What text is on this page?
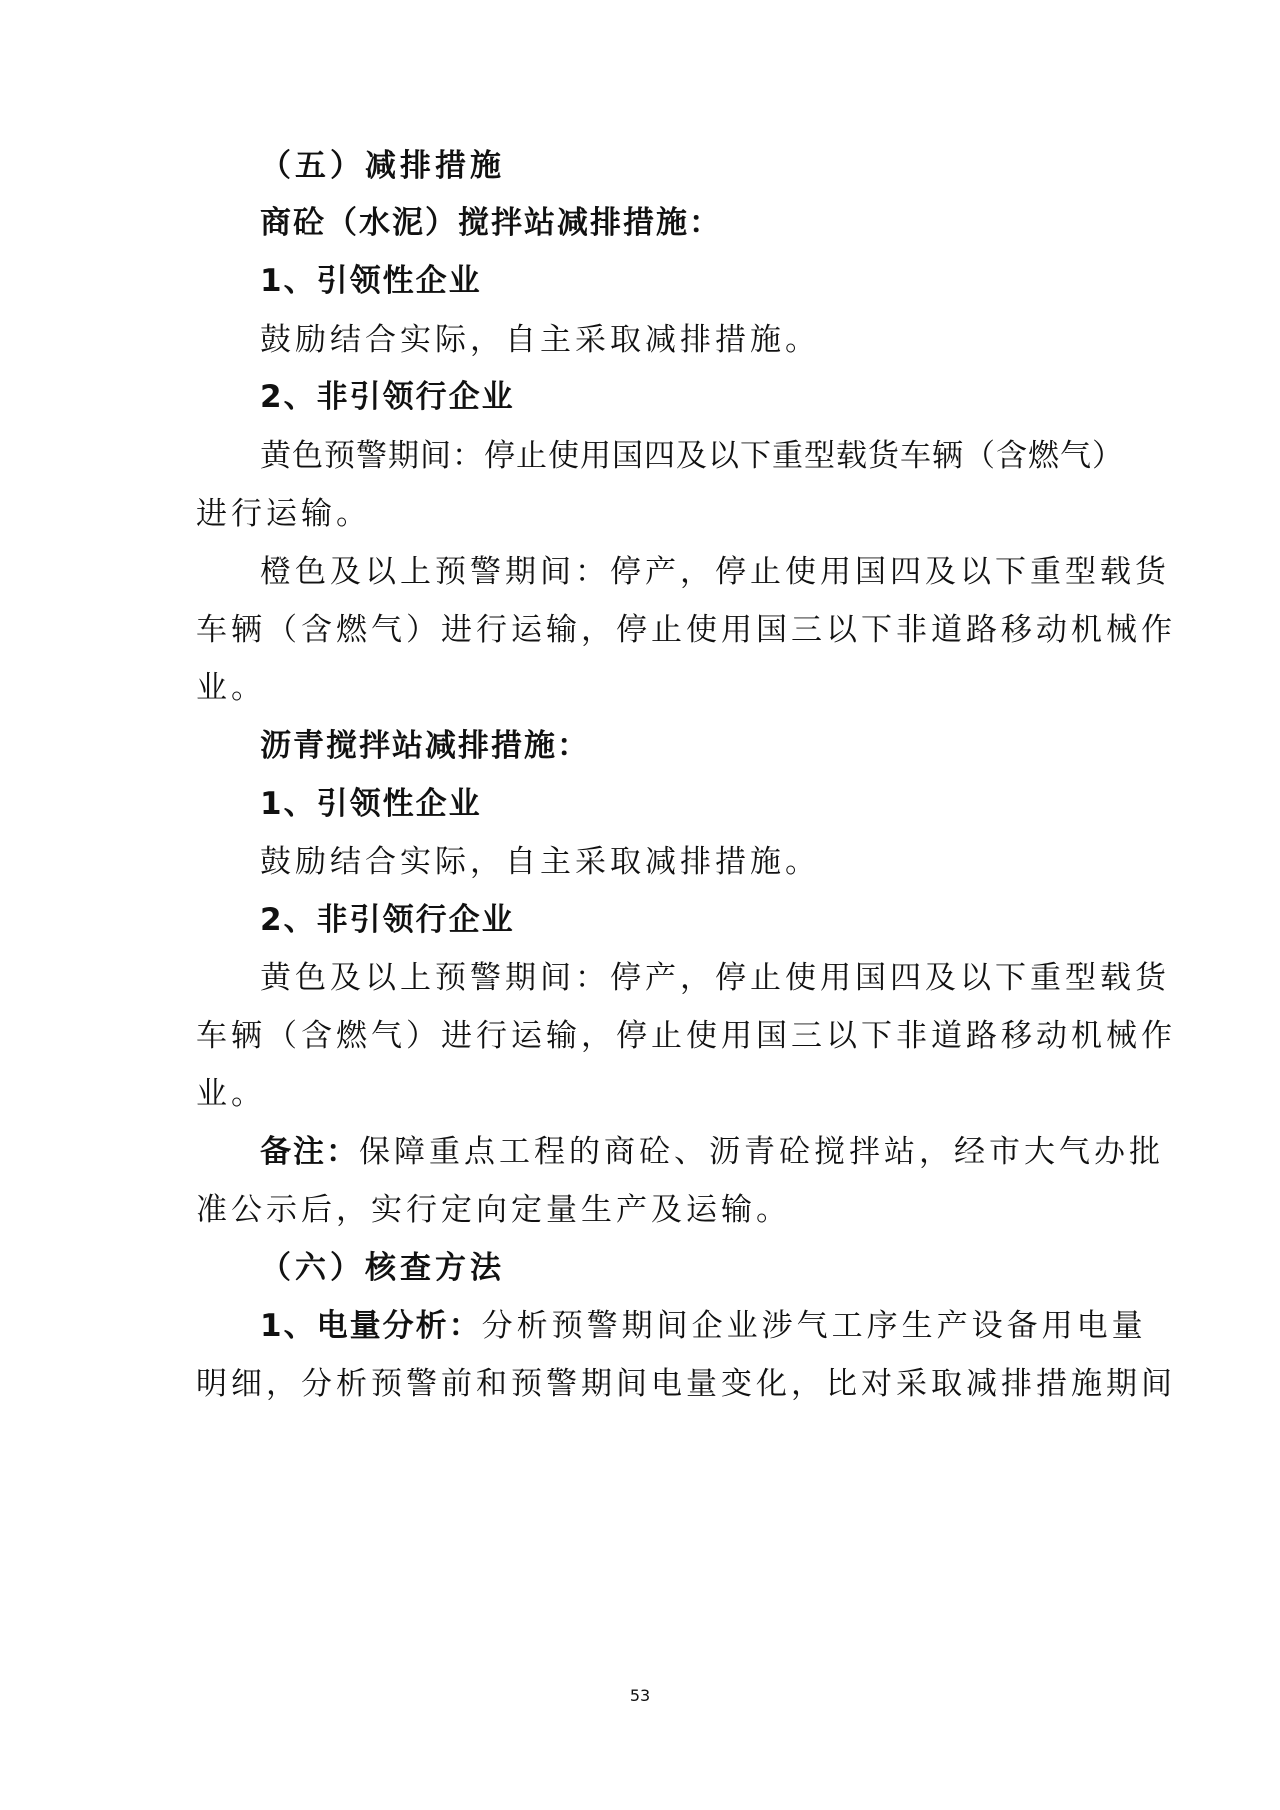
（五）减排措施
商砼（水泥）搅拌站减排措施：
1、引领性企业
鼓励结合实际，自主采取减排措施。
2、非引领行企业
黄色预警期间：停止使用国四及以下重型载货车辆（含燃气）
进行运输。
橙色及以上预警期间：停产，停止使用国四及以下重型载货
车辆（含燃气）进行运输，停止使用国三以下非道路移动机械作
业。
沥青搅拌站减排措施：
1、引领性企业
鼓励结合实际，自主采取减排措施。
2、非引领行企业
黄色及以上预警期间：停产，停止使用国四及以下重型载货
车辆（含燃气）进行运输，停止使用国三以下非道路移动机械作
业。
备注：保障重点工程的商砼、沥青砼搅拌站，经市大气办批
准公示后，实行定向定量生产及运输。
（六）核查方法
1、电量分析：分析预警期间企业涉气工序生产设备用电量
明细，分析预警前和预警期间电量变化，比对采取减排措施期间
53
